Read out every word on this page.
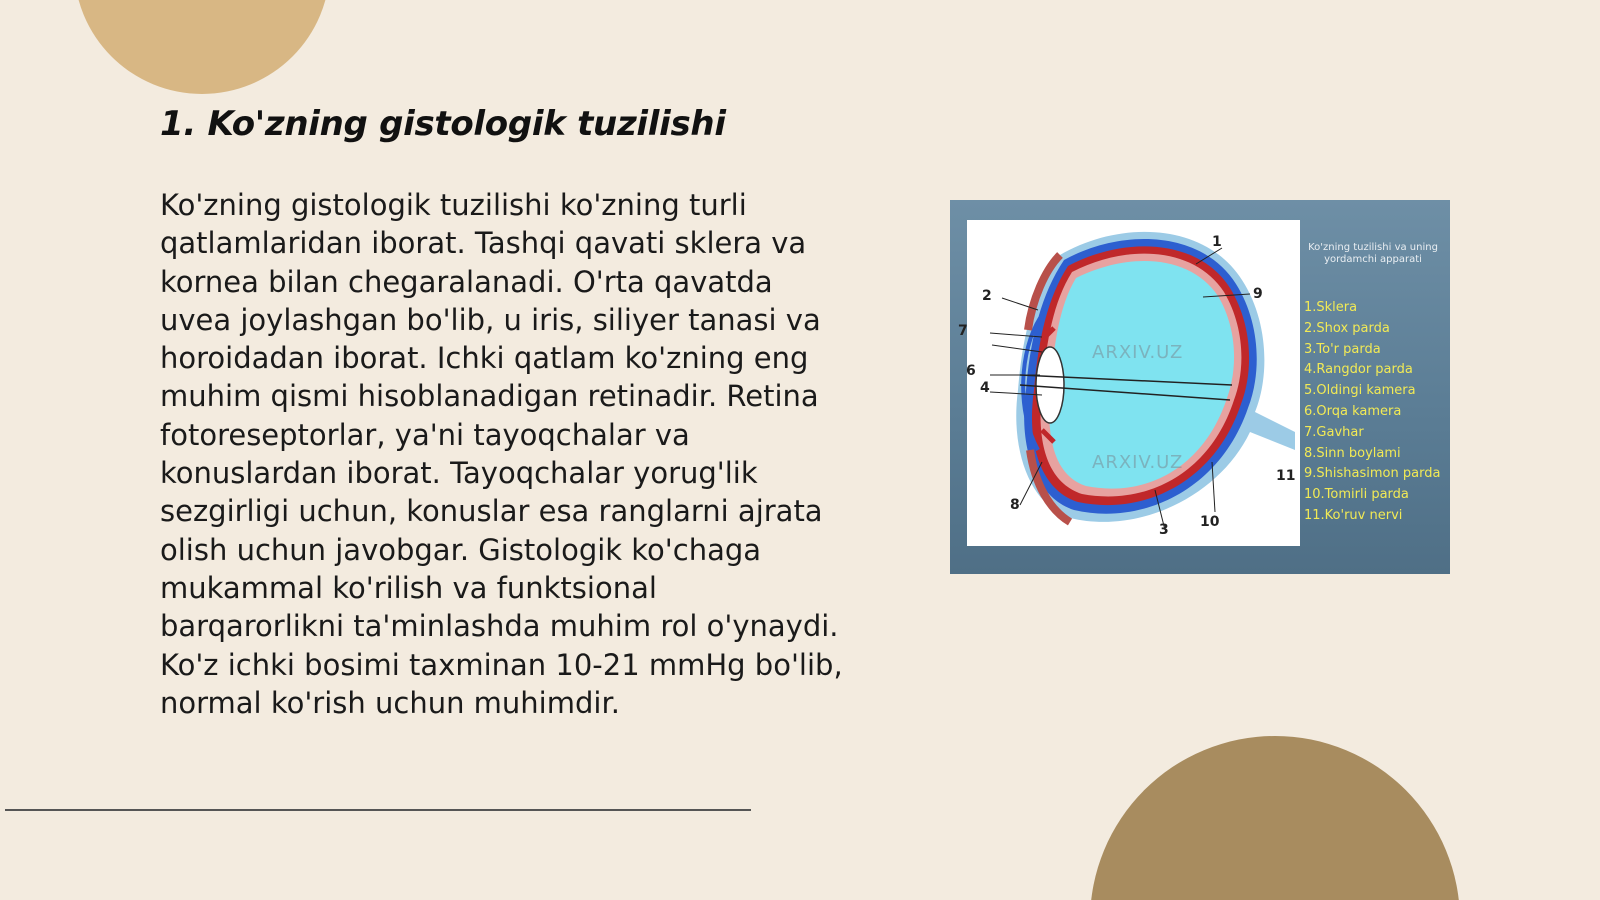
1. Ko'zning gistologik tuzilishi

Ko'zning gistologik tuzilishi ko'zning turli qatlamlaridan iborat. Tashqi qavati sklera va kornea bilan chegaralanadi. O'rta qavatda uvea joylashgan bo'lib, u iris, siliyer tanasi va horoidadan iborat. Ichki qatlam ko'zning eng muhim qismi hisoblanadigan retinadir. Retina fotoreseptorlar, ya'ni tayoqchalar va konuslardan iborat. Tayoqchalar yorug'lik sezgirligi uchun, konuslar esa ranglarni ajrata olish uchun javobgar. Gistologik ko'chaga mukammal ko'rilish va funktsional barqarorlikni ta'minlashda muhim rol o'ynaydi. Ko'z ichki bosimi taxminan 10-21 mmHg bo'lib, normal ko'rish uchun muhimdir.

1
2
3
4
6
7
8
9
10
11
ARXIV.UZ
ARXIV.UZ
Ko'zning tuzilishi va uning yordamchi apparati
1.Sklera
2.Shox parda
3.To'r parda
4.Rangdor parda
5.Oldingi kamera
6.Orqa kamera
7.Gavhar
8.Sinn boylami
9.Shishasimon parda
10.Tomirli parda
11.Ko'ruv nervi
